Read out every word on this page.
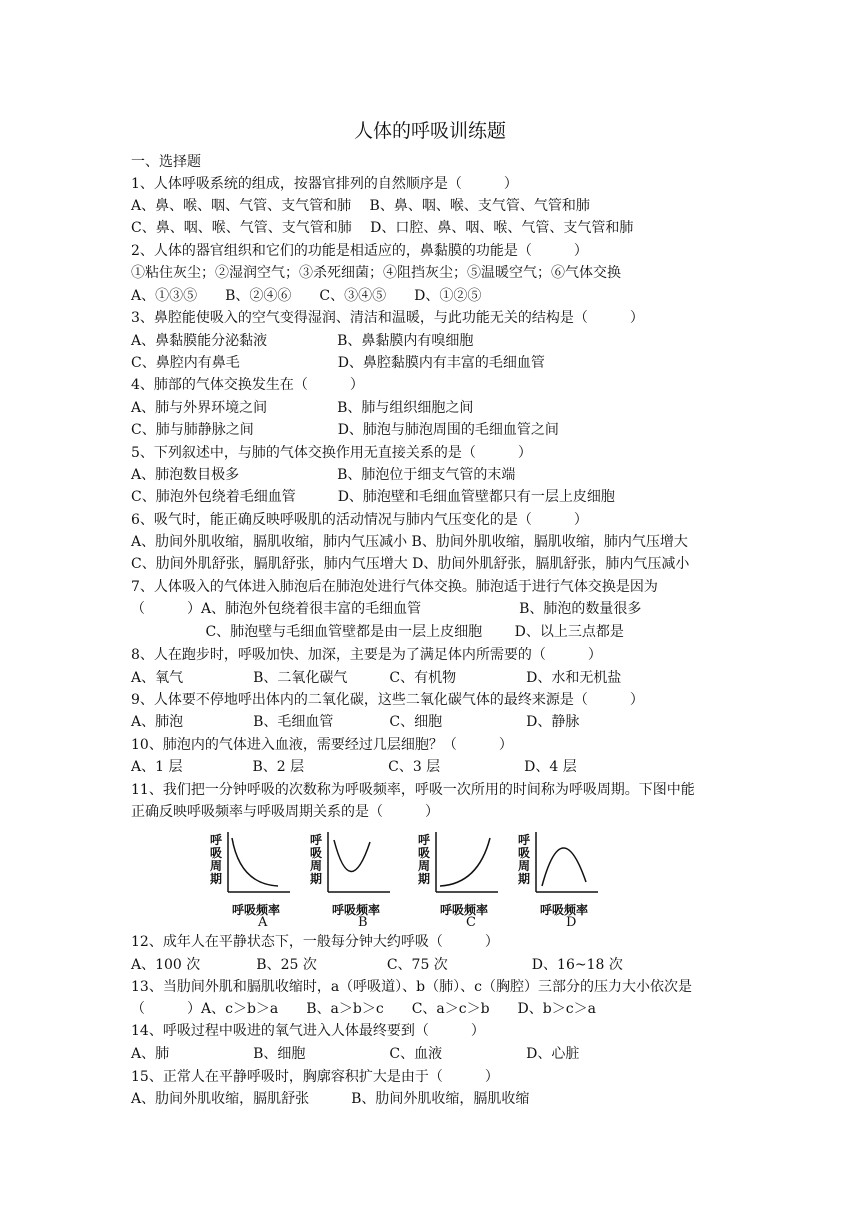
人体的呼吸训练题
一、选择题
1、人体呼吸系统的组成，按器官排列的自然顺序是（　　　）
A、鼻、喉、咽、气管、支气管和肺　 B、鼻、咽、喉、支气管、气管和肺
C、鼻、咽、喉、气管、支气管和肺　 D、口腔、鼻、咽、喉、气管、支气管和肺
2、人体的器官组织和它们的功能是相适应的，鼻黏膜的功能是（　　　）
①粘住灰尘；②湿润空气；③杀死细菌；④阻挡灰尘；⑤温暖空气；⑥气体交换
A、①③⑤　　B、②④⑥　　C、③④⑤　　D、①②⑤
3、鼻腔能使吸入的空气变得湿润、清洁和温暖，与此功能无关的结构是（　　　）
A、鼻黏膜能分泌黏液　　　　　B、鼻黏膜内有嗅细胞
C、鼻腔内有鼻毛　　　　　　　D、鼻腔黏膜内有丰富的毛细血管
4、肺部的气体交换发生在（　　　）
A、肺与外界环境之间　　　　　B、肺与组织细胞之间
C、肺与肺静脉之间　　　　　　D、肺泡与肺泡周围的毛细血管之间
5、下列叙述中，与肺的气体交换作用无直接关系的是（　　　）
A、肺泡数目极多　　　　　　　B、肺泡位于细支气管的末端
C、肺泡外包绕着毛细血管　　　D、肺泡壁和毛细血管壁都只有一层上皮细胞
6、吸气时，能正确反映呼吸肌的活动情况与肺内气压变化的是（　　　）
A、肋间外肌收缩，膈肌收缩，肺内气压减小 B、肋间外肌收缩，膈肌收缩，肺内气压增大
C、肋间外肌舒张，膈肌舒张，肺内气压增大 D、肋间外肌舒张，膈肌舒张，肺内气压减小
7、人体吸入的气体进入肺泡后在肺泡处进行气体交换。肺泡适于进行气体交换是因为
（　　　）A、肺泡外包绕着很丰富的毛细血管　　　　　　　B、肺泡的数量很多
　　　　　 C、肺泡壁与毛细血管壁都是由一层上皮细胞　　 D、以上三点都是
8、人在跑步时，呼吸加快、加深，主要是为了满足体内所需要的（　　　）
A、氧气　　　　　B、二氧化碳气　　　C、有机物　　　　　D、水和无机盐
9、人体要不停地呼出体内的二氧化碳，这些二氧化碳气体的最终来源是（　　　）
A、肺泡　　　　　B、毛细血管　　　　C、细胞　　　　　　D、静脉
10、肺泡内的气体进入血液，需要经过几层细胞？（　　　）
A、1 层　　　　　B、2 层　　　　　　C、3 层　　　　　　D、4 层
11、我们把一分钟呼吸的次数称为呼吸频率，呼吸一次所用的时间称为呼吸周期。下图中能
正确反映呼吸频率与呼吸周期关系的是（　　　）
12、成年人在平静状态下，一般每分钟大约呼吸（　　　）
A、100 次　　　　B、25 次　　　　　C、75 次　　　　　　D、16~18 次
13、当肋间外肌和膈肌收缩时，a（呼吸道）、b（肺）、c（胸腔）三部分的压力大小依次是
（　　　）A、c＞b＞a　　B、a＞b＞c　　C、a＞c＞b　　D、b＞c＞a
14、呼吸过程中吸进的氧气进入人体最终要到（　　　）
A、肺　　　　　　B、细胞　　　　　　C、血液　　　　　　D、心脏
15、正常人在平静呼吸时，胸廓容积扩大是由于（　　　）
A、肋间外肌收缩，膈肌舒张　　　B、肋间外肌收缩，膈肌收缩
呼吸周期
呼吸频率
A
呼吸周期
呼吸频率
B
呼吸周期
呼吸频率
C
呼吸周期
呼吸频率
D
